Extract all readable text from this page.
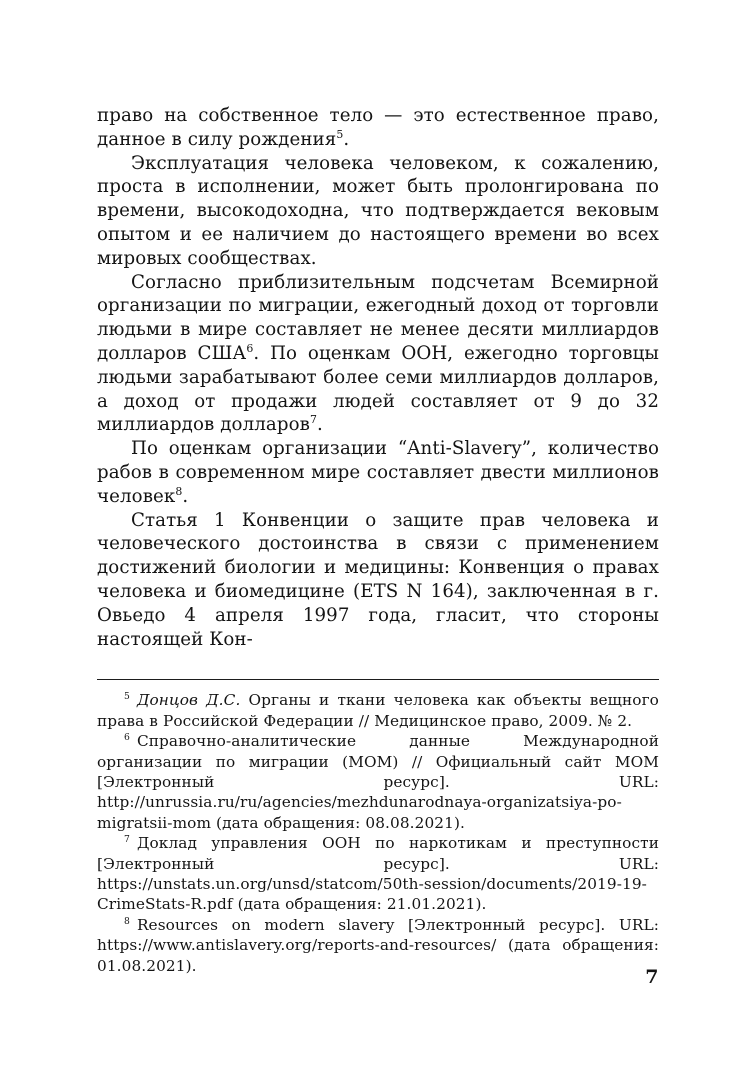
право на собственное тело — это естественное право, данное в силу рождения$^5$.

Эксплуатация человека человеком, к сожалению, проста в исполнении, может быть пролонгирована по времени, высокодоходна, что подтверждается вековым опытом и ее наличием до настоящего времени во всех мировых сообществах.

Согласно приблизительным подсчетам Всемирной организации по миграции, ежегодный доход от торговли людьми в мире составляет не менее десяти миллиардов долларов США$^6$. По оценкам ООН, ежегодно торговцы людьми зарабатывают более семи миллиардов долларов, а доход от продажи людей составляет от 9 до 32 миллиардов долларов$^7$.

По оценкам организации “Anti-Slavery”, количество рабов в современном мире составляет двести миллионов человек$^8$.

Статья 1 Конвенции о защите прав человека и человеческого достоинства в связи с применением достижений биологии и медицины: Конвенция о правах человека и биомедицине (ETS N 164), заключенная в г. Овьедо 4 апреля 1997 года, гласит, что стороны настоящей Кон-

$^5$ Донцов Д.С. Органы и ткани человека как объекты вещного права в Российской Федерации // Медицинское право, 2009. № 2.

$^6$ Справочно-аналитические данные Международной организации по миграции (МОМ) // Официальный сайт МОМ [Электронный ресурс]. URL: http://unrussia.ru/ru/agencies/mezhdunarodnaya-organizatsiya-po-migratsii-mom (дата обращения: 08.08.2021).

$^7$ Доклад управления ООН по наркотикам и преступности [Электронный ресурс]. URL: https://unstats.un.org/unsd/statcom/50th-session/documents/2019-19-CrimeStats-R.pdf (дата обращения: 21.01.2021).

$^8$ Resources on modern slavery [Электронный ресурс]. URL: https://www.antislavery.org/reports-and-resources/ (дата обращения: 01.08.2021).

7
